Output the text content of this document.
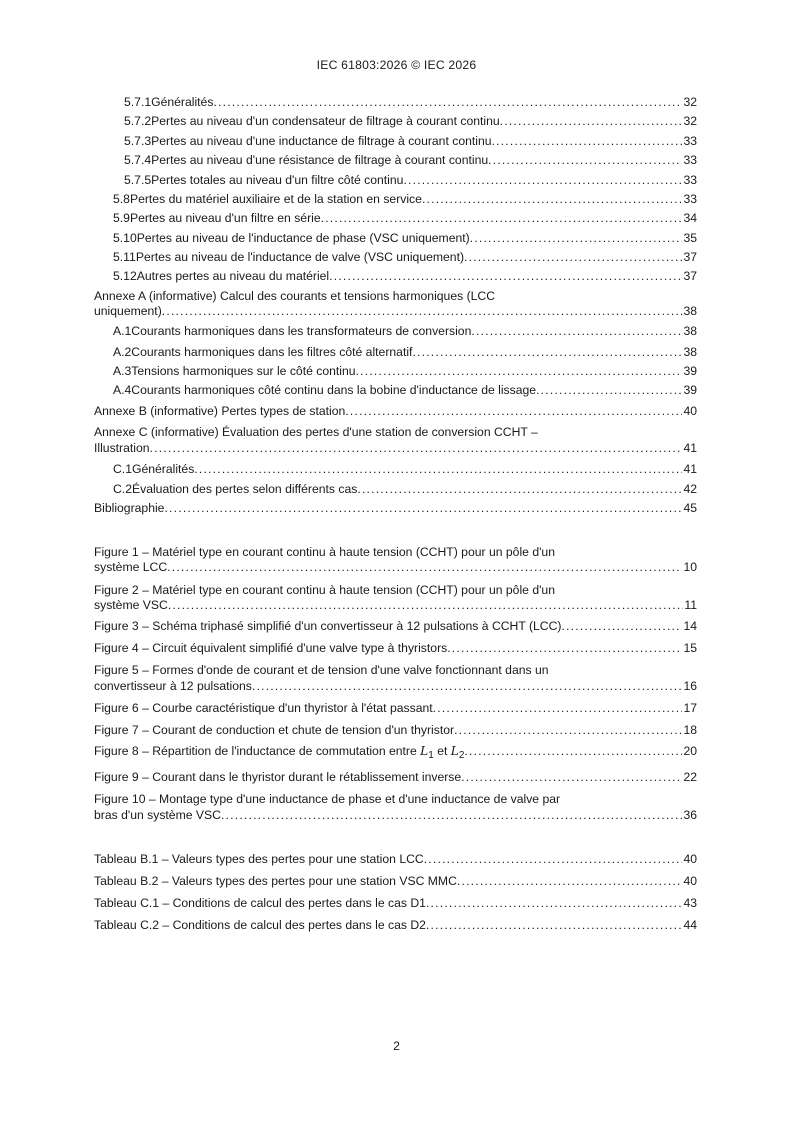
IEC 61803:2026 © IEC 2026
5.7.1 Généralités .....	32
5.7.2 Pertes au niveau d'un condensateur de filtrage à courant continu .....	32
5.7.3 Pertes au niveau d'une inductance de filtrage à courant continu .....	33
5.7.4 Pertes au niveau d'une résistance de filtrage à courant continu .....	33
5.7.5 Pertes totales au niveau d'un filtre côté continu .....	33
5.8 Pertes du matériel auxiliaire et de la station en service .....	33
5.9 Pertes au niveau d'un filtre en série .....	34
5.10 Pertes au niveau de l'inductance de phase (VSC uniquement) .....	35
5.11 Pertes au niveau de l'inductance de valve (VSC uniquement) .....	37
5.12 Autres pertes au niveau du matériel .....	37
Annexe A (informative) Calcul des courants et tensions harmoniques (LCC
uniquement) .....	38
A.1 Courants harmoniques dans les transformateurs de conversion .....	38
A.2 Courants harmoniques dans les filtres côté alternatif .....	38
A.3 Tensions harmoniques sur le côté continu .....	39
A.4 Courants harmoniques côté continu dans la bobine d'inductance de lissage .....	39
Annexe B (informative) Pertes types de station .....	40
Annexe C (informative) Évaluation des pertes d'une station de conversion CCHT –
Illustration .....	41
C.1 Généralités .....	41
C.2 Évaluation des pertes selon différents cas .....	42
Bibliographie .....	45
Figure 1 – Matériel type en courant continu à haute tension (CCHT) pour un pôle d'un
système LCC .....	10
Figure 2 – Matériel type en courant continu à haute tension (CCHT) pour un pôle d'un
système VSC .....	11
Figure 3 – Schéma triphasé simplifié d'un convertisseur à 12 pulsations à CCHT (LCC) .....	14
Figure 4 – Circuit équivalent simplifié d'une valve type à thyristors .....	15
Figure 5 – Formes d'onde de courant et de tension d'une valve fonctionnant dans un
convertisseur à 12 pulsations .....	16
Figure 6 – Courbe caractéristique d'un thyristor à l'état passant .....	17
Figure 7 – Courant de conduction et chute de tension d'un thyristor .....	18
Figure 8 – Répartition de l'inductance de commutation entre $L_1$ et $L_2$ .....	20
Figure 9 – Courant dans le thyristor durant le rétablissement inverse .....	22
Figure 10 – Montage type d'une inductance de phase et d'une inductance de valve par
bras d'un système VSC .....	36
Tableau B.1 – Valeurs types des pertes pour une station LCC .....	40
Tableau B.2 – Valeurs types des pertes pour une station VSC MMC .....	40
Tableau C.1 – Conditions de calcul des pertes dans le cas D1 .....	43
Tableau C.2 – Conditions de calcul des pertes dans le cas D2 .....	44
2
